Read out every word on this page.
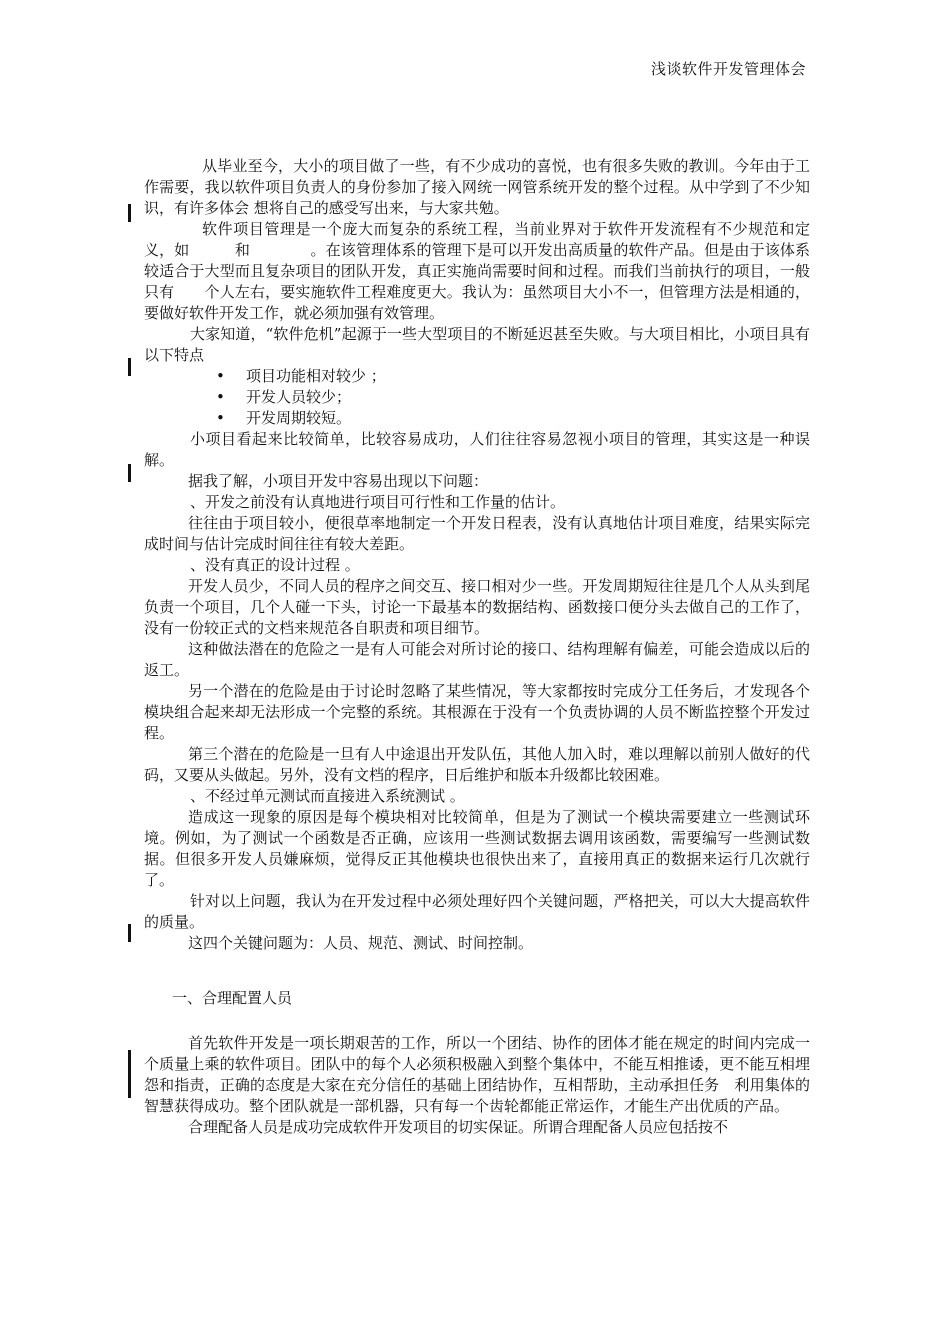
浅谈软件开发管理体会

从毕业至今，大小的项目做了一些，有不少成功的喜悦，也有很多失败的教训。今年由于工作需要，我以软件项目负责人的身份参加了接入网统一网管系统开发的整个过程。从中学到了不少知识，有许多体会 想将自己的感受写出来，与大家共勉。

软件项目管理是一个庞大而复杂的系统工程，当前业界对于软件开发流程有不少规范和定义，如　　　和　　　　。在该管理体系的管理下是可以开发出高质量的软件产品。但是由于该体系较适合于大型而且复杂项目的团队开发，真正实施尚需要时间和过程。而我们当前执行的项目，一般只有　　个人左右，要实施软件工程难度更大。我认为：虽然项目大小不一，但管理方法是相通的，要做好软件开发工作，就必须加强有效管理。

大家知道，“软件危机”起源于一些大型项目的不断延迟甚至失败。与大项目相比，小项目具有以下特点

• 项目功能相对较少 ；
• 开发人员较少；
• 开发周期较短。

小项目看起来比较简单，比较容易成功，人们往往容易忽视小项目的管理，其实这是一种误解。

据我了解，小项目开发中容易出现以下问题：

、开发之前没有认真地进行项目可行性和工作量的估计。

往往由于项目较小，便很草率地制定一个开发日程表，没有认真地估计项目难度，结果实际完成时间与估计完成时间往往有较大差距。

、没有真正的设计过程 。

开发人员少，不同人员的程序之间交互、接口相对少一些。开发周期短往往是几个人从头到尾负责一个项目，几个人碰一下头，讨论一下最基本的数据结构、函数接口便分头去做自己的工作了，没有一份较正式的文档来规范各自职责和项目细节。

这种做法潜在的危险之一是有人可能会对所讨论的接口、结构理解有偏差，可能会造成以后的返工。

另一个潜在的危险是由于讨论时忽略了某些情况，等大家都按时完成分工任务后，才发现各个模块组合起来却无法形成一个完整的系统。其根源在于没有一个负责协调的人员不断监控整个开发过程。

第三个潜在的危险是一旦有人中途退出开发队伍，其他人加入时，难以理解以前别人做好的代码，又要从头做起。另外，没有文档的程序，日后维护和版本升级都比较困难。

、不经过单元测试而直接进入系统测试 。

造成这一现象的原因是每个模块相对比较简单，但是为了测试一个模块需要建立一些测试环境。例如，为了测试一个函数是否正确，应该用一些测试数据去调用该函数，需要编写一些测试数据。但很多开发人员嫌麻烦，觉得反正其他模块也很快出来了，直接用真正的数据来运行几次就行了。

针对以上问题，我认为在开发过程中必须处理好四个关键问题，严格把关，可以大大提高软件的质量。

这四个关键问题为：人员、规范、测试、时间控制。

一、合理配置人员

首先软件开发是一项长期艰苦的工作，所以一个团结、协作的团体才能在规定的时间内完成一个质量上乘的软件项目。团队中的每个人必须积极融入到整个集体中，不能互相推诿，更不能互相埋怨和指责，正确的态度是大家在充分信任的基础上团结协作，互相帮助，主动承担任务　利用集体的智慧获得成功。整个团队就是一部机器，只有每一个齿轮都能正常运作，才能生产出优质的产品。

合理配备人员是成功完成软件开发项目的切实保证。所谓合理配备人员应包括按不
